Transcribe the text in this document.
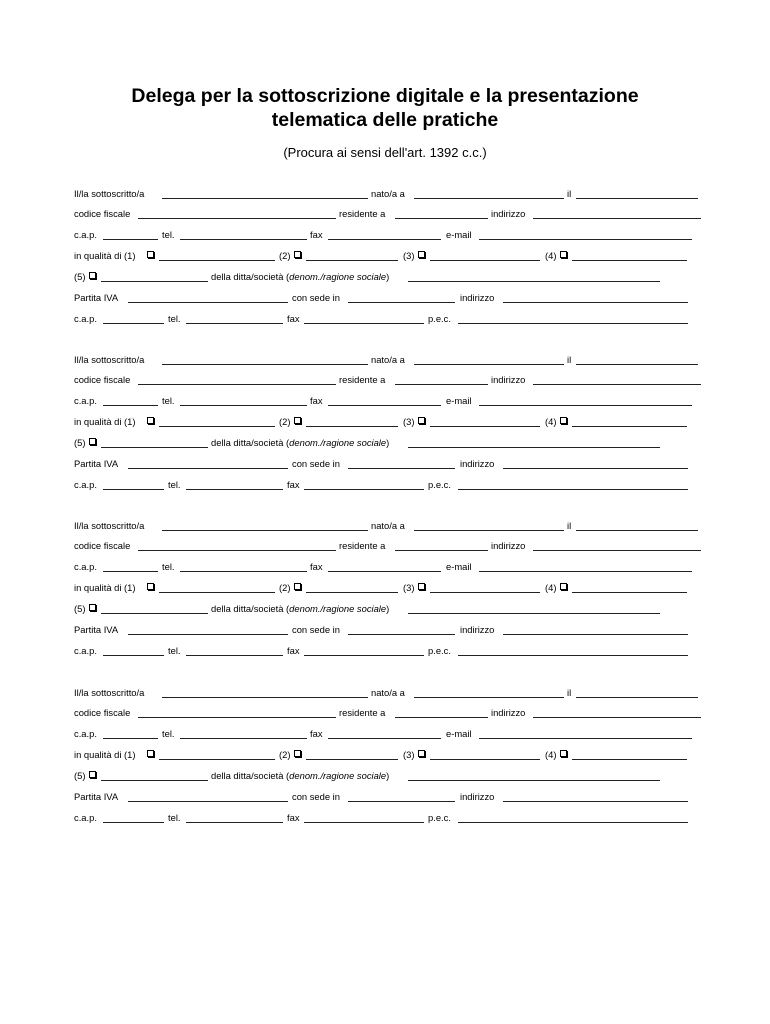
Delega per la sottoscrizione digitale e la presentazione
telematica delle pratiche
(Procura ai sensi dell'art. 1392 c.c.)
Il/la sottoscritto/a	nato/a a	il
codice fiscale	residente a	indirizzo
c.a.p.	tel.	fax	e-mail
in qualità di (1)	(2)	(3)	(4)
(5)	della ditta/società (denom./ragione sociale)
Partita IVA	con sede in	indirizzo
c.a.p.	tel.	fax	p.e.c.
Il/la sottoscritto/a	nato/a a	il
codice fiscale	residente a	indirizzo
c.a.p.	tel.	fax	e-mail
in qualità di (1)	(2)	(3)	(4)
(5)	della ditta/società (denom./ragione sociale)
Partita IVA	con sede in	indirizzo
c.a.p.	tel.	fax	p.e.c.
Il/la sottoscritto/a	nato/a a	il
codice fiscale	residente a	indirizzo
c.a.p.	tel.	fax	e-mail
in qualità di (1)	(2)	(3)	(4)
(5)	della ditta/società (denom./ragione sociale)
Partita IVA	con sede in	indirizzo
c.a.p.	tel.	fax	p.e.c.
Il/la sottoscritto/a	nato/a a	il
codice fiscale	residente a	indirizzo
c.a.p.	tel.	fax	e-mail
in qualità di (1)	(2)	(3)	(4)
(5)	della ditta/società (denom./ragione sociale)
Partita IVA	con sede in	indirizzo
c.a.p.	tel.	fax	p.e.c.
